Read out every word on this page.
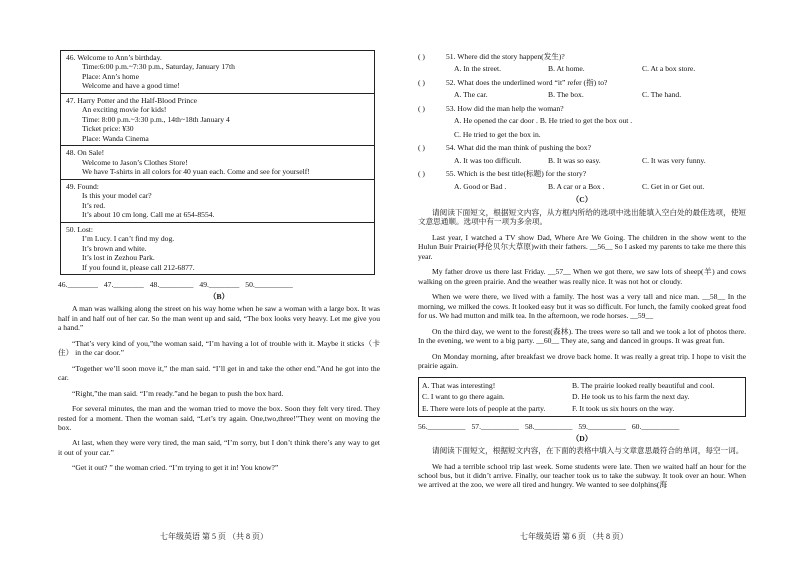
46. Welcome to Ann’s birthday.
Time:6:00 p.m.~7:30 p.m., Saturday, January 17th
Place: Ann’s home
Welcome and have a good time!

47. Harry Potter and the Half-Blood Prince
An exciting movie for kids!
Time: 8:00 p.m.~3:30 p.m., 14th~18th January 4
Ticket price: ¥30
Place: Wanda Cinema

48. On Sale!
Welcome to Jason’s Clothes Store!
We have T-shirts in all colors for 40 yuan each. Come and see for yourself!

49. Found:
Is this your model car?
It’s red.
It’s about 10 cm long. Call me at 654-8554.

50. Lost:
I’m Lucy. I can’t find my dog.
It’s brown and white.
It’s lost in Zezhou Park.
If you found it, please call 212-6877.
46.________ 47.________ 48._________ 49.________ 50.__________
（B）

A man was walking along the street on his way home when he saw a woman with a large box. It was half in and half out of her car. So the man went up and said, “The box looks very heavy. Let me give you a hand.”

“That’s very kind of you,”the woman said, “I’m having a lot of trouble with it. Maybe it sticks（卡住） in the car door.”

“Together we’ll soon move it,” the man said. “I’ll get in and take the other end.”And he got into the car.

“Right,”the man said. “I’m ready.”and he began to push the box hard.

For several minutes, the man and the woman tried to move the box. Soon they felt very tired. They rested for a moment. Then the woman said, “Let’s try again. One,two,three!”They went on moving the box.

At last, when they were very tired, the man said, “I’m sorry, but I don’t think there’s any way to get it out of your car.”

“Get it out? ” the woman cried. “I’m trying to get it in! You know?”

七年级英语 第 5 页 （共 8 页）
( )	51. Where did the story happen(发生)?
A. In the street.	B. At home.	C. At a box store.
( )	52. What does the underlined word “it” refer (指) to?
A. The car.	B. The box.	C. The hand.
( )	53. How did the man help the woman?
A. He opened the car door . B. He tried to get the box out .
C. He tried to get the box in.
( )	54. What did the man think of pushing the box?
A. It was too difficult.	B. It was so easy.	C. It was very funny.
( )	55. Which is the best title(标题) for the story?
A. Good or Bad .	B. A car or a Box .	C. Get in or Get out.
（C）

请阅读下面短文，根据短文内容，从方框内所给的选项中选出能填入空白处的最佳选项，使短文意思通顺。选项中有一项为多余项。

Last year, I watched a TV show Dad, Where Are We Going. The children in the show went to the Hulun Buir Prairie(呼伦贝尔大草原)with their fathers. __56__ So I asked my parents to take me there this year.

My father drove us there last Friday. __57__ When we got there, we saw lots of sheep(羊) and cows walking on the green prairie. And the weather was really nice. It was not hot or cloudy.

When we were there, we lived with a family. The host was a very tall and nice man. __58__ In the morning, we milked the cows. It looked easy but it was so difficult. For lunch, the family cooked great food for us. We had mutton and milk tea. In the afternoon, we rode horses. __59__

On the third day, we went to the forest(森林). The trees were so tall and we took a lot of photos there. In the evening, we went to a big party. __60__ They ate, sang and danced in groups. It was great fun.

On Monday morning, after breakfast we drove back home. It was really a great trip. I hope to visit the prairie again.

A. That was interesting!	B. The prairie looked really beautiful and cool.
C. I want to go there again.	D. He took us to his farm the next day.
E. There were lots of people at the party.	F. It took us six hours on the way.
56.__________ 57.__________ 58.__________ 59.__________ 60.__________
（D）

请阅读下面短文，根据短文内容，在下面的表格中填入与文章意思最符合的单词，每空一词。

We had a terrible school trip last week. Some students were late. Then we waited half an hour for the school bus, but it didn’t arrive. Finally, our teacher took us to take the subway. It took over an hour. When we arrived at the zoo, we were all tired and hungry. We wanted to see dolphins(海

七年级英语 第 6 页 （共 8 页）
